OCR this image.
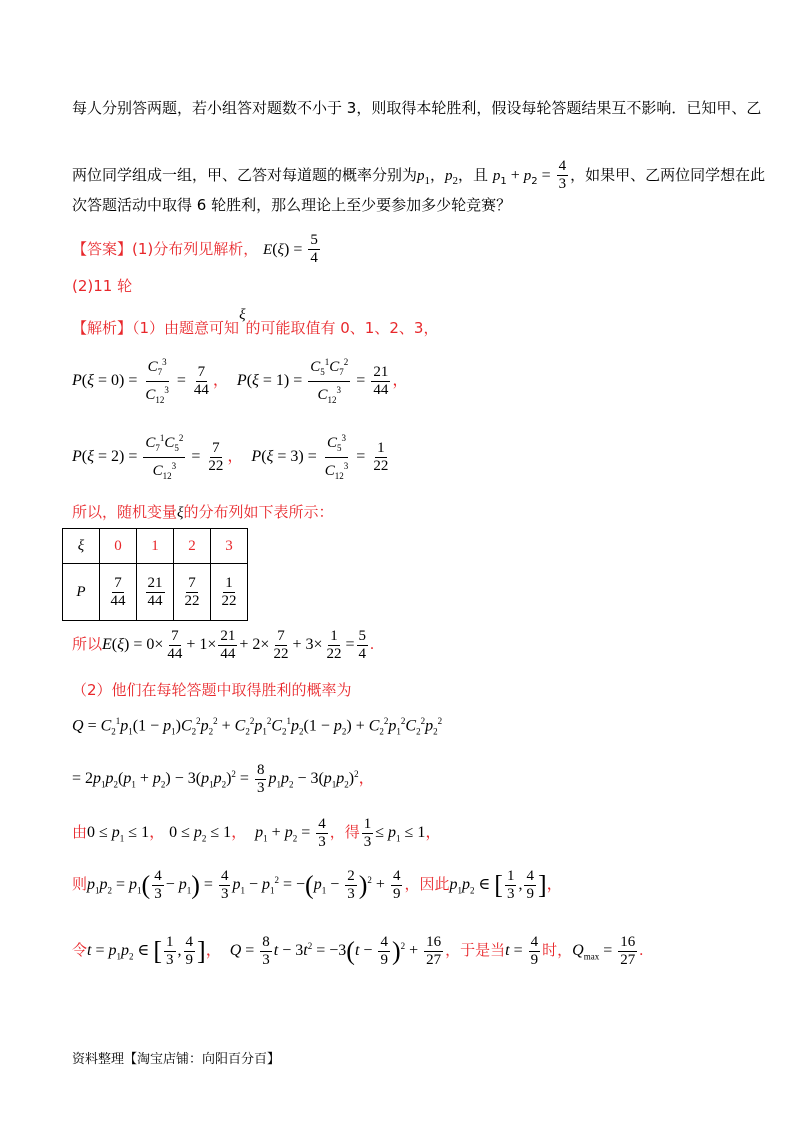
每人分别答两题，若小组答对题数不小于 3，则取得本轮胜利，假设每轮答题结果互不影响．已知甲、乙
两位同学组成一组，甲、乙答对每道题的概率分别为$p_1$，$p_2$，且 $p_1 + p_2 = \frac{4}{3}$ ，如果甲、乙两位同学想在此
次答题活动中取得 6 轮胜利，那么理论上至少要参加多少轮竞赛？
【答案】(1)分布列见解析， $E(\xi) = \frac{5}{4}$
(2)11 轮
【解析】（1）由题意可知ξ的可能取值有 0、1、2、3，
$P(\xi = 0) = \frac{C_7^3}{C_{12}^3} = \frac{7}{44}$ ， $P(\xi = 1) = \frac{C_5^1C_7^2}{C_{12}^3} = \frac{21}{44}$ ，
$P(\xi = 2) = \frac{C_7^1C_5^2}{C_{12}^3} = \frac{7}{22}$ ， $P(\xi = 3) = \frac{C_5^3}{C_{12}^3} = \frac{1}{22}$
所以，随机变量ξ的分布列如下表所示：
ξ	0	1	2	3
P	$\frac{7}{44}$	$\frac{21}{44}$	$\frac{7}{22}$	$\frac{1}{22}$
所以$E(\xi) = 0\times \frac{7}{44} + 1\times \frac{21}{44} + 2\times \frac{7}{22} + 3\times \frac{1}{22} = \frac{5}{4}$ .
（2）他们在每轮答题中取得胜利的概率为
$Q = C_2^1p_1(1 - p_1)C_2^2p_2^2 + C_2^2p_1^2C_2^1p_2(1 - p_2) + C_2^2p_1^2C_2^2p_2^2$
= $2p_1p_2(p_1 + p_2) - 3(p_1p_2)^2 = \frac{8}{3} p_1p_2 - 3(p_1p_2)^2$，
由$0 \le p_1 \le 1$， $0 \le p_2 \le 1$， $p_1 + p_2 = \frac{4}{3}$ ，得 $\frac{1}{3} \le p_1 \le 1$，
则$p_1p_2 = p_1( \frac{4}{3} - p_1) = \frac{4}{3} p_1 - p_1^2 = -(p_1 - \frac{2}{3} )^2 + \frac{4}{9}$ ，因此$p_1p_2$ ∈ [ $\frac{1}{3}$ , $\frac{4}{9}$ ]，
令$t = p_1p_2$ ∈ [ $\frac{1}{3}$ , $\frac{4}{9}$ ]， $Q = \frac{8}{3}$ $t - 3t^2 = -3(t - \frac{4}{9} )^2 + \frac{16}{27}$ ，于是当$t = \frac{4}{9}$ 时，$Q_{max} = \frac{16}{27}$ .
资料整理【淘宝店铺：向阳百分百】
